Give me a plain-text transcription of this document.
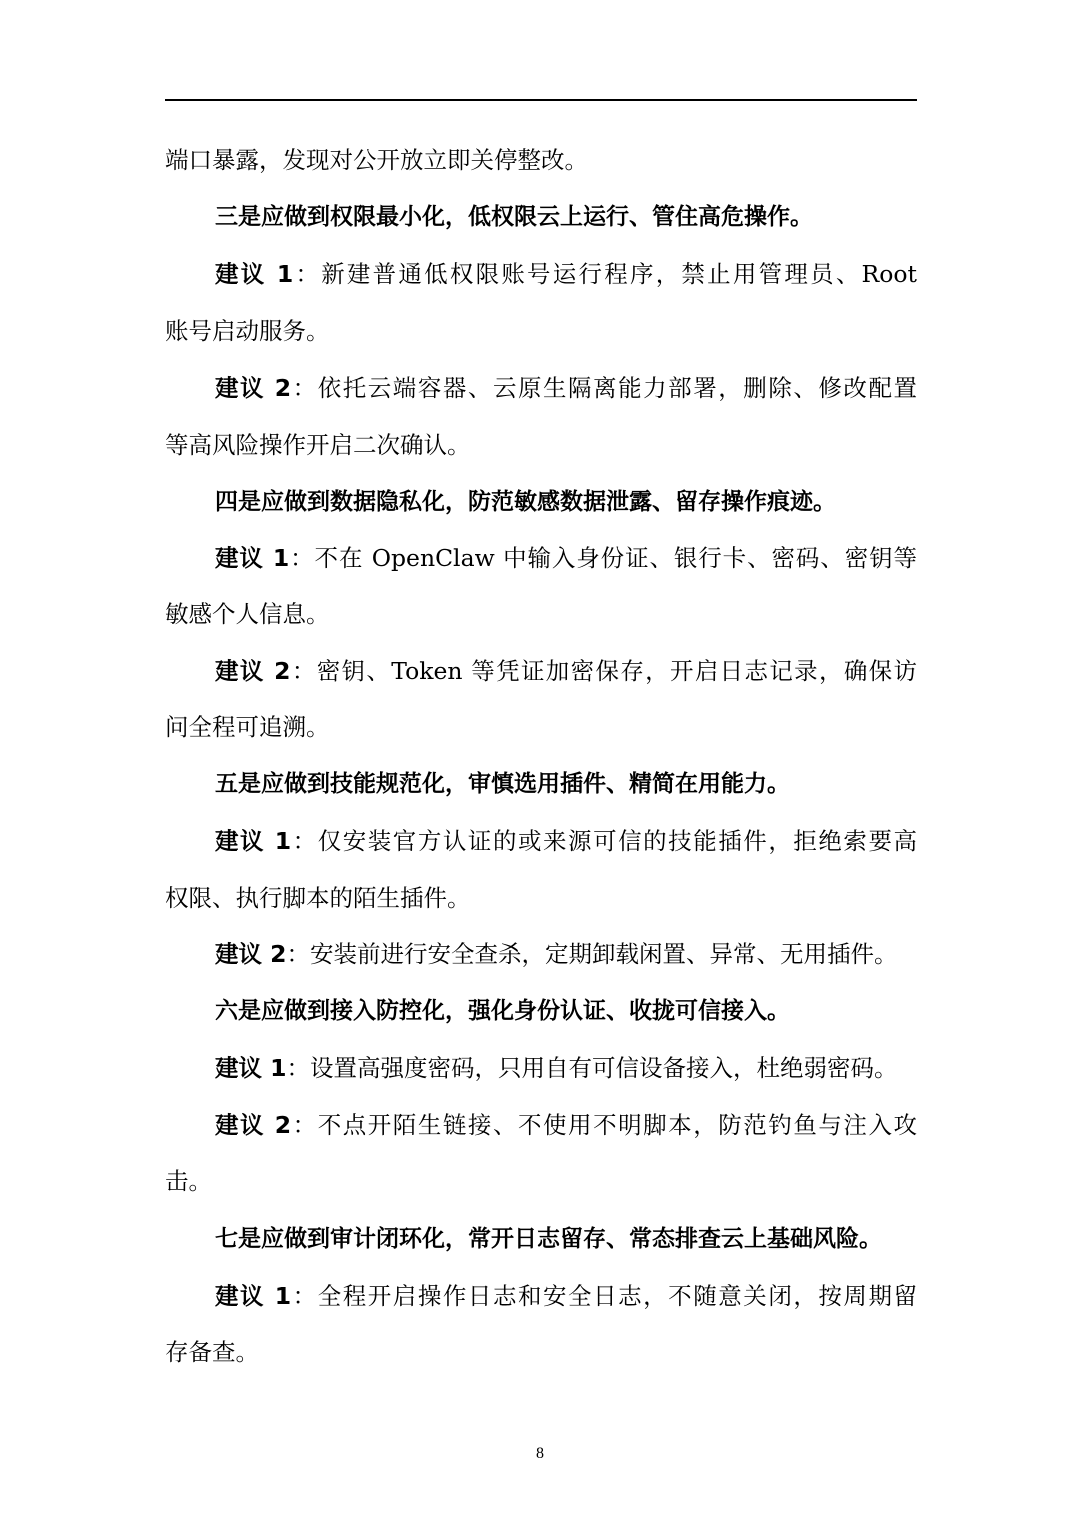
端口暴露，发现对公开放立即关停整改。
三是应做到权限最小化，低权限云上运行、管住高危操作。
建议 1：新建普通低权限账号运行程序，禁止用管理员、Root
账号启动服务。
建议 2：依托云端容器、云原生隔离能力部署，删除、修改配置
等高风险操作开启二次确认。
四是应做到数据隐私化，防范敏感数据泄露、留存操作痕迹。
建议 1：不在 OpenClaw 中输入身份证、银行卡、密码、密钥等
敏感个人信息。
建议 2：密钥、Token 等凭证加密保存，开启日志记录，确保访
问全程可追溯。
五是应做到技能规范化，审慎选用插件、精简在用能力。
建议 1：仅安装官方认证的或来源可信的技能插件，拒绝索要高
权限、执行脚本的陌生插件。
建议 2：安装前进行安全查杀，定期卸载闲置、异常、无用插件。
六是应做到接入防控化，强化身份认证、收拢可信接入。
建议 1：设置高强度密码，只用自有可信设备接入，杜绝弱密码。
建议 2：不点开陌生链接、不使用不明脚本，防范钓鱼与注入攻
击。
七是应做到审计闭环化，常开日志留存、常态排查云上基础风险。
建议 1：全程开启操作日志和安全日志，不随意关闭，按周期留
存备查。
8
